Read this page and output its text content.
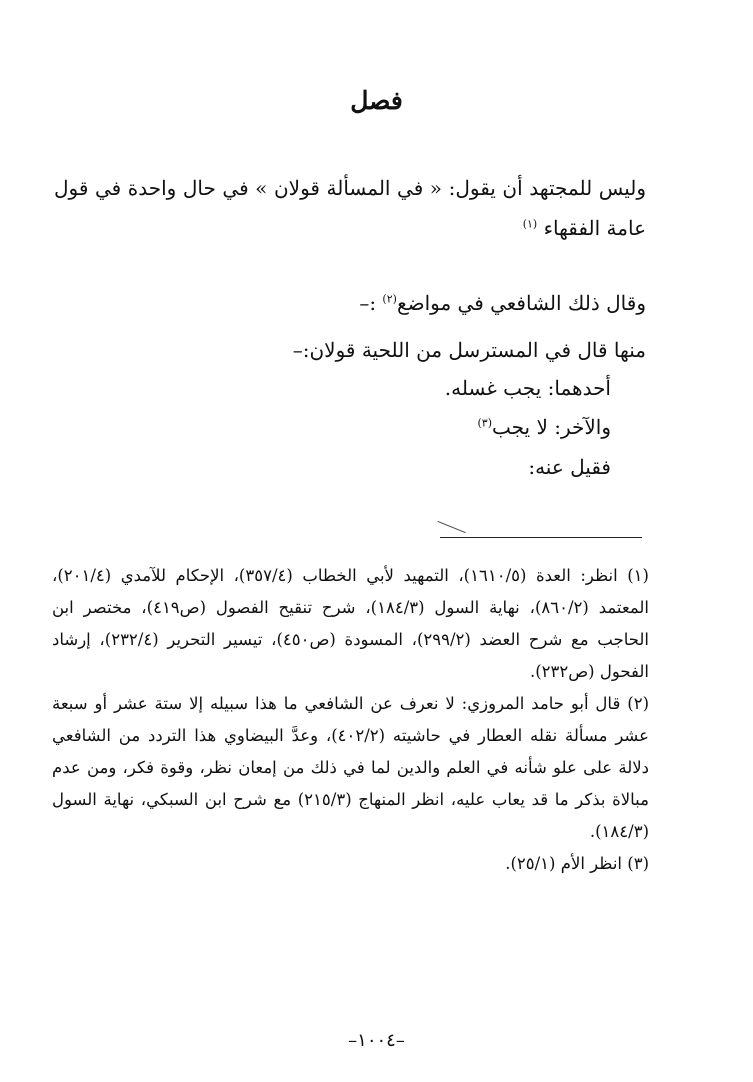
فصل

وليس للمجتهد أن يقول: « في المسألة قولان » في حال واحدة في قول عامة الفقهاء $^{(١)}$

وقال ذلك الشافعي في مواضع$^{(٢)}$ :–

منها قال في المسترسل من اللحية قولان:–

أحدهما: يجب غسله.

والآخر: لا يجب$^{(٣)}$

فقيل عنه:

(١) انظر: العدة (١٦١٠/٥)، التمهيد لأبي الخطاب (٣٥٧/٤)، الإحكام للآمدي (٢٠١/٤)، المعتمد (٨٦٠/٢)، نهاية السول (١٨٤/٣)، شرح تنقيح الفصول (ص٤١٩)، مختصر ابن الحاجب مع شرح العضد (٢٩٩/٢)، المسودة (ص٤٥٠)، تيسير التحرير (٢٣٢/٤)، إرشاد الفحول (ص٢٣٢).

(٢) قال أبو حامد المروزي: لا نعرف عن الشافعي ما هذا سبيله إلا ستة عشر أو سبعة عشر مسألة نقله العطار في حاشيته (٤٠٢/٢)، وعدَّ البيضاوي هذا التردد من الشافعي دلالة على علو شأنه في العلم والدين لما في ذلك من إمعان نظر، وقوة فكر، ومن عدم مبالاة بذكر ما قد يعاب عليه، انظر المنهاج (٢١٥/٣) مع شرح ابن السبكي، نهاية السول (١٨٤/٣).

(٣) انظر الأم (٢٥/١).

–١٠٠٤–
